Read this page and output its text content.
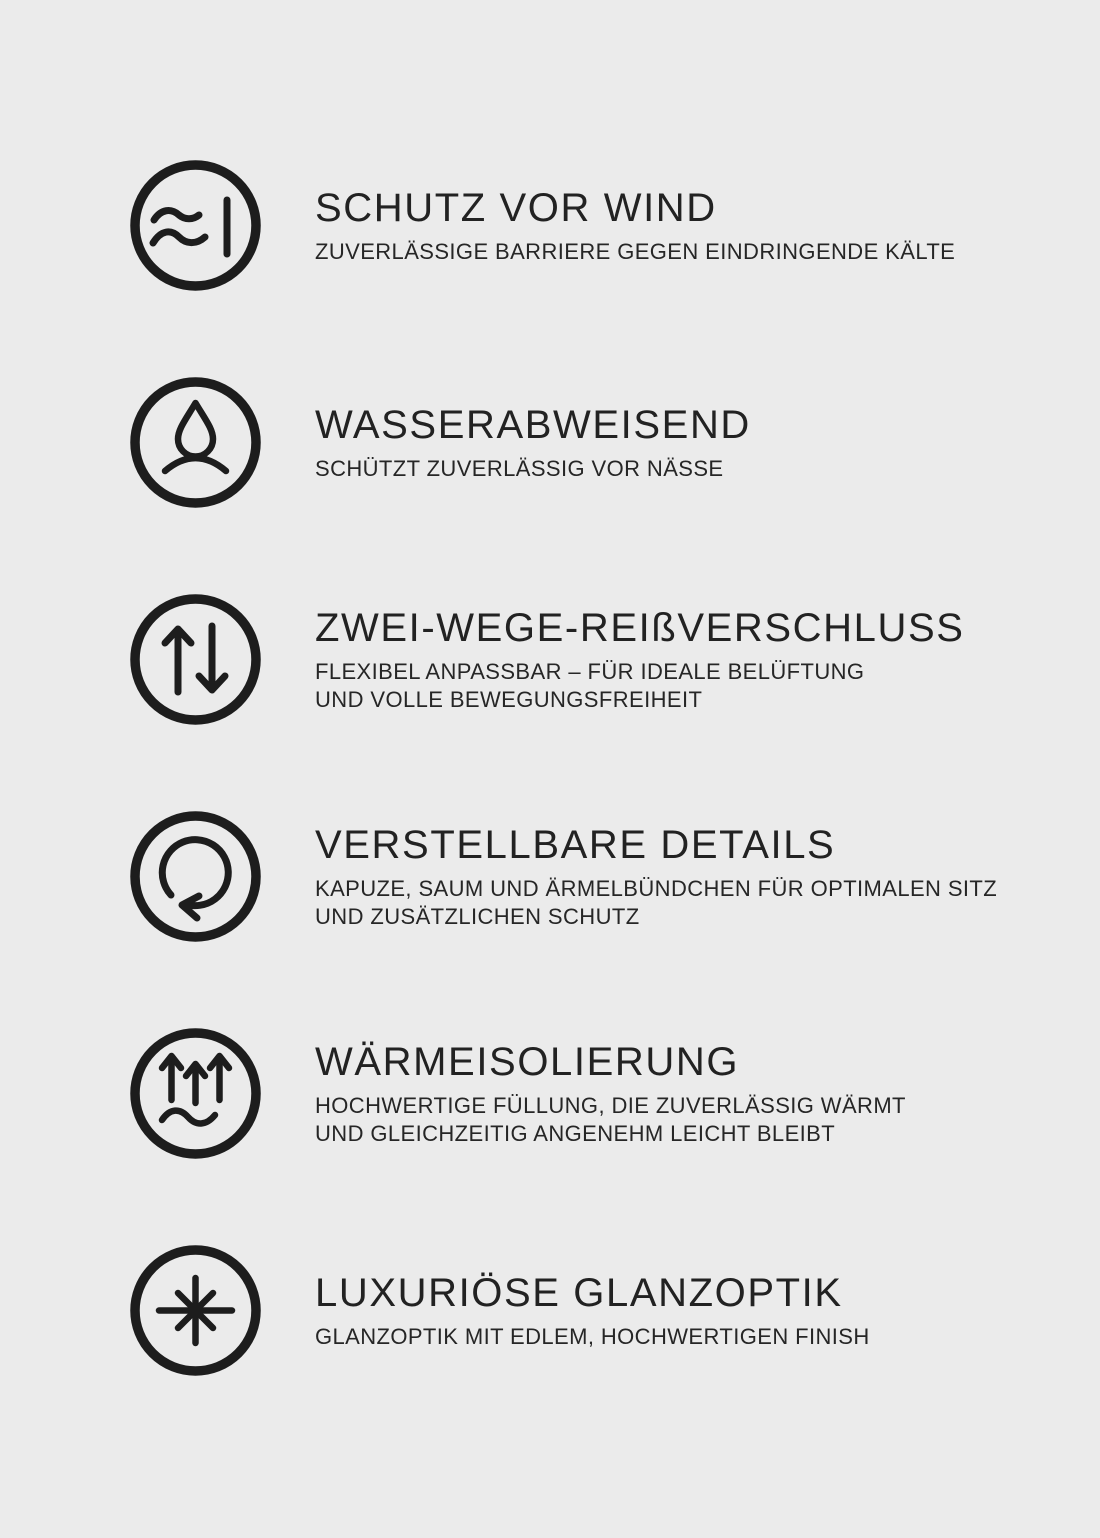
SCHUTZ VOR WIND
ZUVERLÄSSIGE BARRIERE GEGEN EINDRINGENDE KÄLTE
WASSERABWEISEND
SCHÜTZT ZUVERLÄSSIG VOR NÄSSE
ZWEI-WEGE-REIßVERSCHLUSS
FLEXIBEL ANPASSBAR – FÜR IDEALE BELÜFTUNG
UND VOLLE BEWEGUNGSFREIHEIT
VERSTELLBARE DETAILS
KAPUZE, SAUM UND ÄRMELBÜNDCHEN FÜR OPTIMALEN SITZ
UND ZUSÄTZLICHEN SCHUTZ
WÄRMEISOLIERUNG
HOCHWERTIGE FÜLLUNG, DIE ZUVERLÄSSIG WÄRMT
UND GLEICHZEITIG ANGENEHM LEICHT BLEIBT
LUXURIÖSE GLANZOPTIK
GLANZOPTIK MIT EDLEM, HOCHWERTIGEN FINISH
